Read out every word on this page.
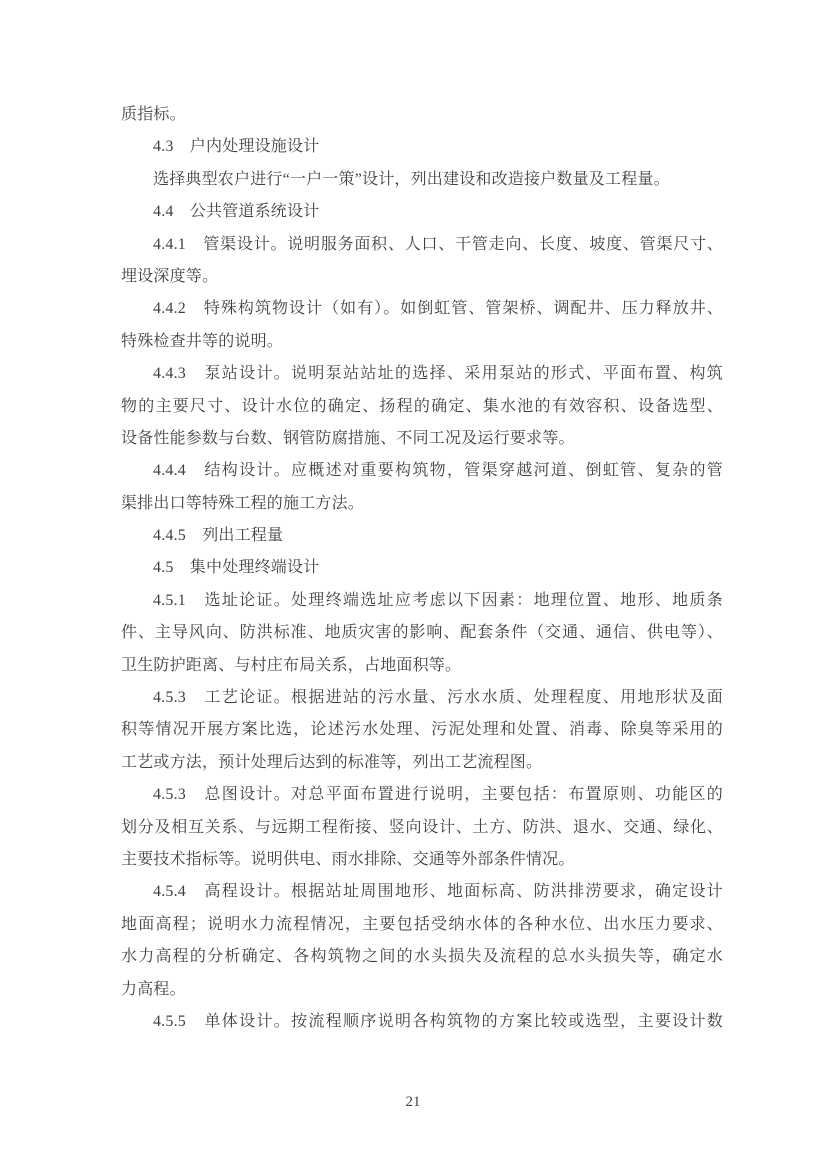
质指标。
4.3　户内处理设施设计
选择典型农户进行“一户一策”设计，列出建设和改造接户数量及工程量。
4.4　公共管道系统设计
4.4.1　管渠设计。说明服务面积、人口、干管走向、长度、坡度、管渠尺寸、
埋设深度等。
4.4.2　特殊构筑物设计（如有）。如倒虹管、管架桥、调配井、压力释放井、
特殊检查井等的说明。
4.4.3　泵站设计。说明泵站站址的选择、采用泵站的形式、平面布置、构筑
物的主要尺寸、设计水位的确定、扬程的确定、集水池的有效容积、设备选型、
设备性能参数与台数、钢管防腐措施、不同工况及运行要求等。
4.4.4　结构设计。应概述对重要构筑物，管渠穿越河道、倒虹管、复杂的管
渠排出口等特殊工程的施工方法。
4.4.5　列出工程量
4.5　集中处理终端设计
4.5.1　选址论证。处理终端选址应考虑以下因素：地理位置、地形、地质条
件、主导风向、防洪标准、地质灾害的影响、配套条件（交通、通信、供电等）、
卫生防护距离、与村庄布局关系，占地面积等。
4.5.3　工艺论证。根据进站的污水量、污水水质、处理程度、用地形状及面
积等情况开展方案比选，论述污水处理、污泥处理和处置、消毒、除臭等采用的
工艺或方法，预计处理后达到的标准等，列出工艺流程图。
4.5.3　总图设计。对总平面布置进行说明，主要包括：布置原则、功能区的
划分及相互关系、与远期工程衔接、竖向设计、土方、防洪、退水、交通、绿化、
主要技术指标等。说明供电、雨水排除、交通等外部条件情况。
4.5.4　高程设计。根据站址周围地形、地面标高、防洪排涝要求，确定设计
地面高程；说明水力流程情况，主要包括受纳水体的各种水位、出水压力要求、
水力高程的分析确定、各构筑物之间的水头损失及流程的总水头损失等，确定水
力高程。
4.5.5　单体设计。按流程顺序说明各构筑物的方案比较或选型，主要设计数
21
